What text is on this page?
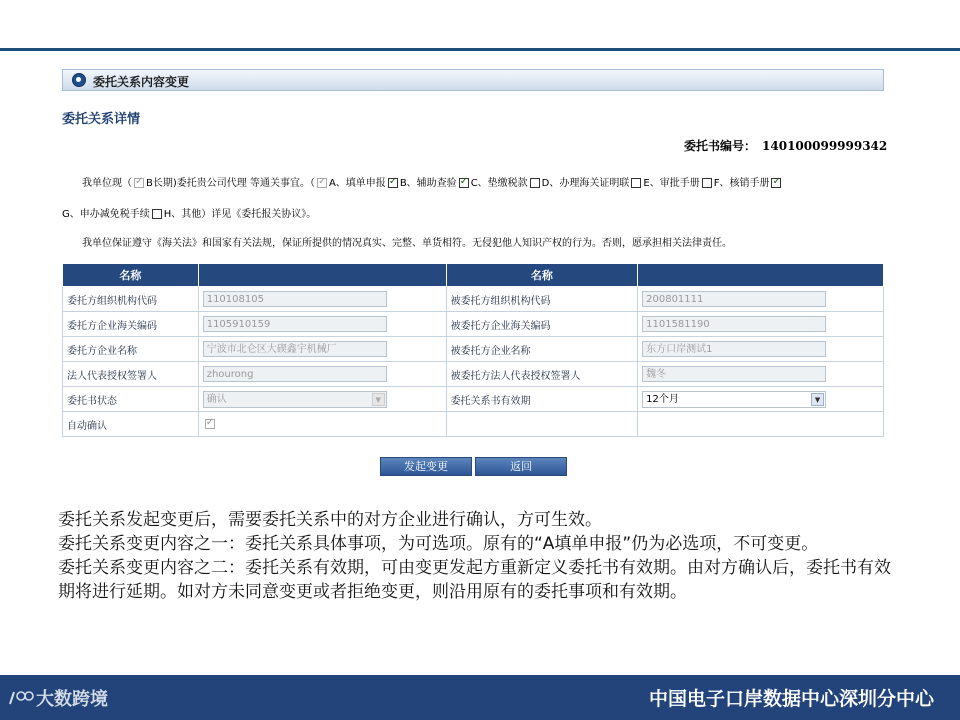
委托关系内容变更
委托关系详情
委托书编号： 140100099999342
我单位现（ ✓ B长期)委托贵公司代理 等通关事宜。（ ✓ A、填单申报 ✓ B、辅助查验 ✓ C、垫缴税款 D、办理海关证明联 E、审批手册 F、核销手册✓
G、申办减免税手续 H、其他）详见《委托报关协议》。
我单位保证遵守《海关法》和国家有关法规，保证所提供的情况真实、完整、单货相符。无侵犯他人知识产权的行为。否则，愿承担相关法律责任。
名称		名称	
委托方组织机构代码	110108105	被委托方组织机构代码	200801111

委托方企业海关编码	1105910159	被委托方企业海关编码	1101581190

委托方企业名称	宁波市北仑区大碶鑫宇机械厂	被委托方企业名称	东方口岸测试1

法人代表授权签署人	zhourong	被委托方法人代表授权签署人	魏冬

委托书状态	确认 ▼	委托关系书有效期	12个月 ▼

自动确认	✓		
发起变更	返回

委托关系发起变更后，需要委托关系中的对方企业进行确认，方可生效。

委托关系变更内容之一：委托关系具体事项，为可选项。原有的“A填单申报”仍为必选项，不可变更。

委托关系变更内容之二：委托关系有效期，可由变更发起方重新定义委托书有效期。由对方确认后，委托书有效期将进行延期。如对方未同意变更或者拒绝变更，则沿用原有的委托事项和有效期。

大数跨境	中国电子口岸数据中心深圳分中心
